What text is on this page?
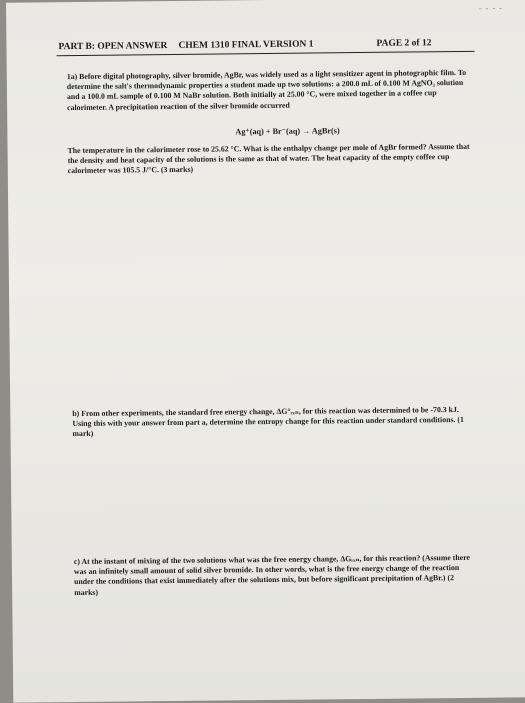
- - - -
PART B: OPEN ANSWER CHEM 1310 FINAL VERSION 1	PAGE 2 of 12
1a) Before digital photography, silver bromide, AgBr, was widely used as a light sensitizer agent in photographic film. To determine the salt's thermodynamic properties a student made up two solutions: a 200.0 mL of 0.100 M AgNO₃ solution and a 100.0 mL sample of 0.100 M NaBr solution. Both initially at 25.00 °C, were mixed together in a coffee cup calorimeter. A precipitation reaction of the silver bromide occurred
Ag⁺(aq) + Br⁻(aq) → AgBr(s)
The temperature in the calorimeter rose to 25.62 °C. What is the enthalpy change per mole of AgBr formed? Assume that the density and heat capacity of the solutions is the same as that of water. The heat capacity of the empty coffee cup calorimeter was 105.5 J/°C. (3 marks)
b) From other experiments, the standard free energy change, ΔG°ᵣₓₙ, for this reaction was determined to be -70.3 kJ. Using this with your answer from part a, determine the entropy change for this reaction under standard conditions. (1 mark)
c) At the instant of mixing of the two solutions what was the free energy change, ΔGᵣₓₙ, for this reaction? (Assume there was an infinitely small amount of solid silver bromide. In other words, what is the free energy change of the reaction under the conditions that exist immediately after the solutions mix, but before significant precipitation of AgBr.) (2 marks)
